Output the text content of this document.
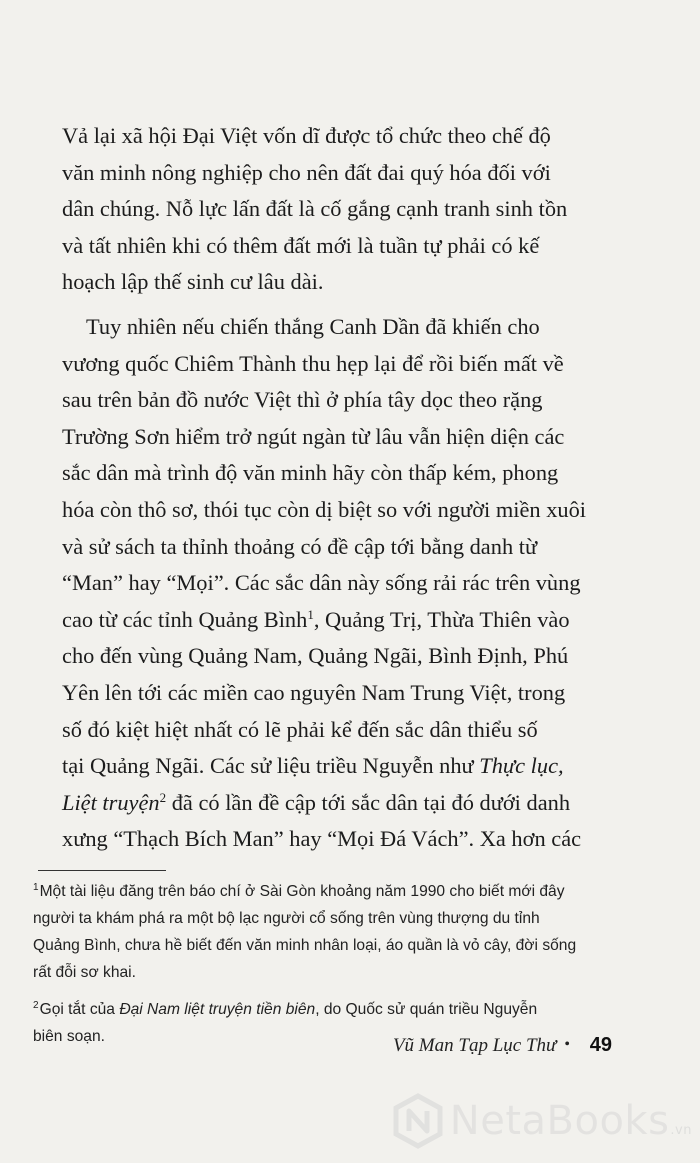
Vả lại xã hội Đại Việt vốn dĩ được tổ chức theo chế độ
văn minh nông nghiệp cho nên đất đai quý hóa đối với
dân chúng. Nỗ lực lấn đất là cố gắng cạnh tranh sinh tồn
và tất nhiên khi có thêm đất mới là tuần tự phải có kế
hoạch lập thế sinh cư lâu dài.

Tuy nhiên nếu chiến thắng Canh Dần đã khiến cho
vương quốc Chiêm Thành thu hẹp lại để rồi biến mất về
sau trên bản đồ nước Việt thì ở phía tây dọc theo rặng
Trường Sơn hiểm trở ngút ngàn từ lâu vẫn hiện diện các
sắc dân mà trình độ văn minh hãy còn thấp kém, phong
hóa còn thô sơ, thói tục còn dị biệt so với người miền xuôi
và sử sách ta thỉnh thoảng có đề cập tới bằng danh từ
“Man” hay “Mọi”. Các sắc dân này sống rải rác trên vùng
cao từ các tỉnh Quảng Bình$^1$, Quảng Trị, Thừa Thiên vào
cho đến vùng Quảng Nam, Quảng Ngãi, Bình Định, Phú
Yên lên tới các miền cao nguyên Nam Trung Việt, trong
số đó kiệt hiệt nhất có lẽ phải kể đến sắc dân thiểu số
tại Quảng Ngãi. Các sử liệu triều Nguyễn như Thực lục,
Liệt truyện$^2$ đã có lần đề cập tới sắc dân tại đó dưới danh
xưng “Thạch Bích Man” hay “Mọi Đá Vách”. Xa hơn các

$^1$Một tài liệu đăng trên báo chí ở Sài Gòn khoảng năm 1990 cho biết mới đây
người ta khám phá ra một bộ lạc người cổ sống trên vùng thượng du tỉnh
Quảng Bình, chưa hề biết đến văn minh nhân loại, áo quần là vỏ cây, đời sống
rất đỗi sơ khai.

$^2$Gọi tắt của Đại Nam liệt truyện tiền biên, do Quốc sử quán triều Nguyễn
biên soạn.	Vũ Man Tạp Lục Thư • 49
NetaBooks.vn
